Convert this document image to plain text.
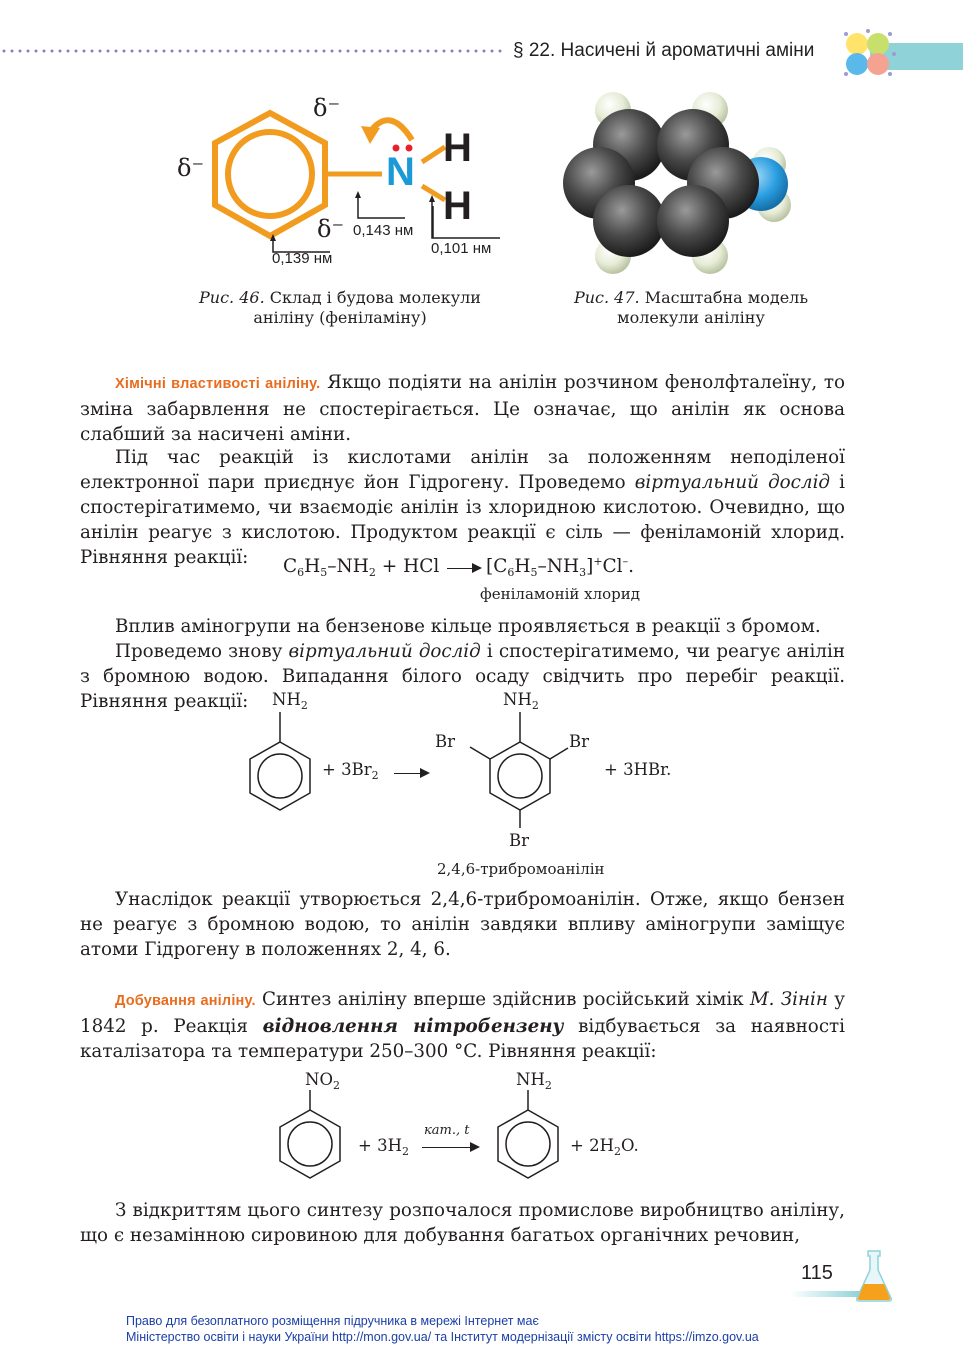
§ 22. Насичені й ароматичні аміни
δ⁻
δ⁻
δ⁻
N
H
H
0,143 нм
0,139 нм
0,101 нм
Рис. 46. Склад і будова молекули аніліну (феніламіну)
Рис. 47. Масштабна модель молекули аніліну

Хімічні властивості аніліну. Якщо подіяти на анілін розчином фенолфталеїну, то зміна забарвлення не спостерігається. Це означає, що анілін як основа слабший за насичені аміни.

Під час реакцій із кислотами анілін за положенням неподіленої електронної пари приєднує йон Гідрогену. Проведемо віртуальний дослід і спостерігатимемо, чи взаємодіє анілін із хлоридною кислотою. Очевидно, що анілін реагує з кислотою. Продуктом реакції є сіль — феніламоній хлорид. Рівняння реакції:	$C_6H_5-NH_2$ + HCl → $[C_6H_5-NH_3]^+Cl^-$.
феніламоній хлорид

Вплив аміногрупи на бензенове кільце проявляється в реакції з бромом.

Проведемо знову віртуальний дослід і спостерігатимемо, чи реагує анілін з бромною водою. Випадання білого осаду свідчить про перебіг реакції. Рівняння реакції:	$NH_2$
+ $3Br_2$ →
$NH_2$
Br	Br
Br
+ 3HBr.
2,4,6-трибромоанілін

Унаслідок реакції утворюється 2,4,6-трибромоанілін. Отже, якщо бензен не реагує з бромною водою, то анілін завдяки впливу аміногрупи заміщує атоми Гідрогену в положеннях 2, 4, 6.

Добування аніліну. Синтез аніліну вперше здійснив російський хімік М. Зінін у 1842 р. Реакція відновлення нітробензену відбувається за наявності каталізатора та температури 250–300 °C. Рівняння реакції:

$NO_2$
+ $3H_2$
кат., t
$NH_2$
+ $2H_2O$.

З відкриттям цього синтезу розпочалося промислове виробництво аніліну, що є незамінною сировиною для добування багатьох органічних речовин,

115
Право для безоплатного розміщення підручника в мережі Інтернет має
Міністерство освіти і науки України http://mon.gov.ua/ та Інститут модернізації змісту освіти https://imzo.gov.ua
